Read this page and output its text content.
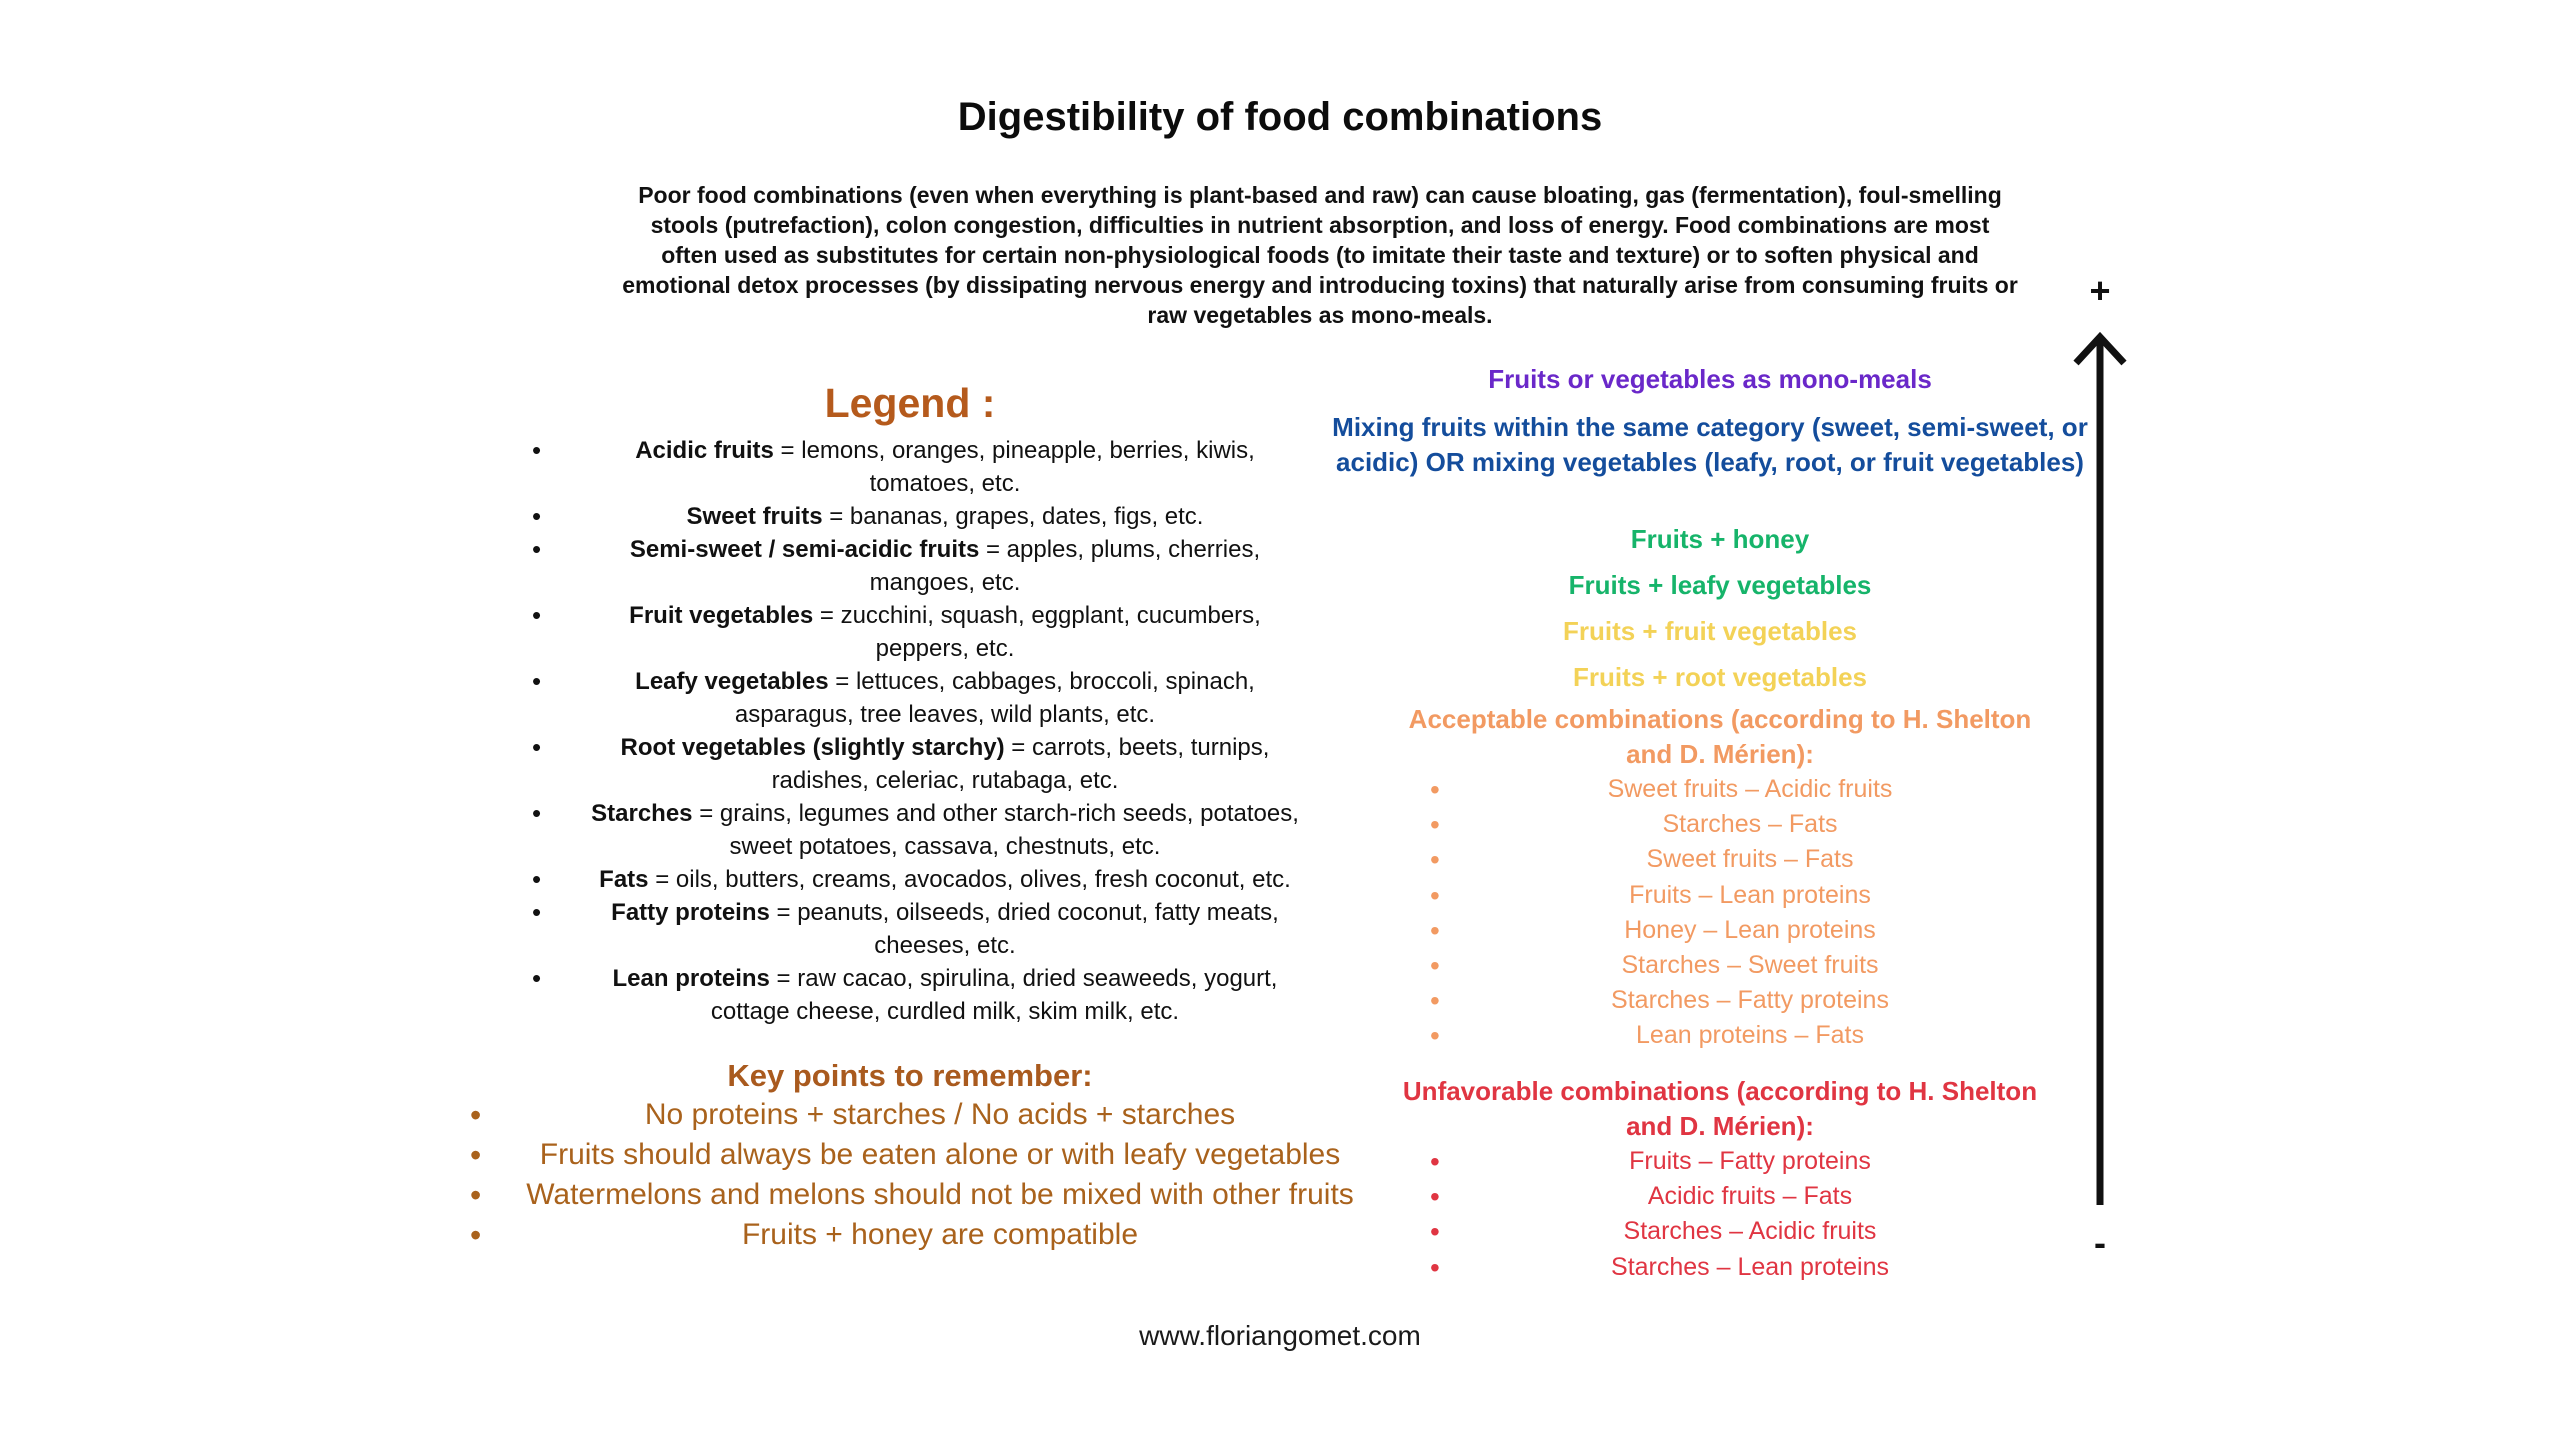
Digestibility of food combinations
Poor food combinations (even when everything is plant-based and raw) can cause bloating, gas (fermentation), foul-smelling stools (putrefaction), colon congestion, difficulties in nutrient absorption, and loss of energy. Food combinations are most often used as substitutes for certain non-physiological foods (to imitate their taste and texture) or to soften physical and emotional detox processes (by dissipating nervous energy and introducing toxins) that naturally arise from consuming fruits or raw vegetables as mono-meals.
Legend :
• Acidic fruits = lemons, oranges, pineapple, berries, kiwis, tomatoes, etc.
• Sweet fruits = bananas, grapes, dates, figs, etc.
• Semi-sweet / semi-acidic fruits = apples, plums, cherries, mangoes, etc.
• Fruit vegetables = zucchini, squash, eggplant, cucumbers, peppers, etc.
• Leafy vegetables = lettuces, cabbages, broccoli, spinach, asparagus, tree leaves, wild plants, etc.
• Root vegetables (slightly starchy) = carrots, beets, turnips, radishes, celeriac, rutabaga, etc.
• Starches = grains, legumes and other starch-rich seeds, potatoes, sweet potatoes, cassava, chestnuts, etc.
• Fats = oils, butters, creams, avocados, olives, fresh coconut, etc.
• Fatty proteins = peanuts, oilseeds, dried coconut, fatty meats, cheeses, etc.
• Lean proteins = raw cacao, spirulina, dried seaweeds, yogurt, cottage cheese, curdled milk, skim milk, etc.
Key points to remember:
• No proteins + starches / No acids + starches
• Fruits should always be eaten alone or with leafy vegetables
• Watermelons and melons should not be mixed with other fruits
• Fruits + honey are compatible
Fruits or vegetables as mono-meals
Mixing fruits within the same category (sweet, semi-sweet, or acidic) OR mixing vegetables (leafy, root, or fruit vegetables)
Fruits + honey
Fruits + leafy vegetables
Fruits + fruit vegetables
Fruits + root vegetables
Acceptable combinations (according to H. Shelton and D. Mérien):
• Sweet fruits – Acidic fruits
• Starches – Fats
• Sweet fruits – Fats
• Fruits – Lean proteins
• Honey – Lean proteins
• Starches – Sweet fruits
• Starches – Fatty proteins
• Lean proteins – Fats
Unfavorable combinations (according to H. Shelton and D. Mérien):
• Fruits – Fatty proteins
• Acidic fruits – Fats
• Starches – Acidic fruits
• Starches – Lean proteins
+
-
www.floriangomet.com
